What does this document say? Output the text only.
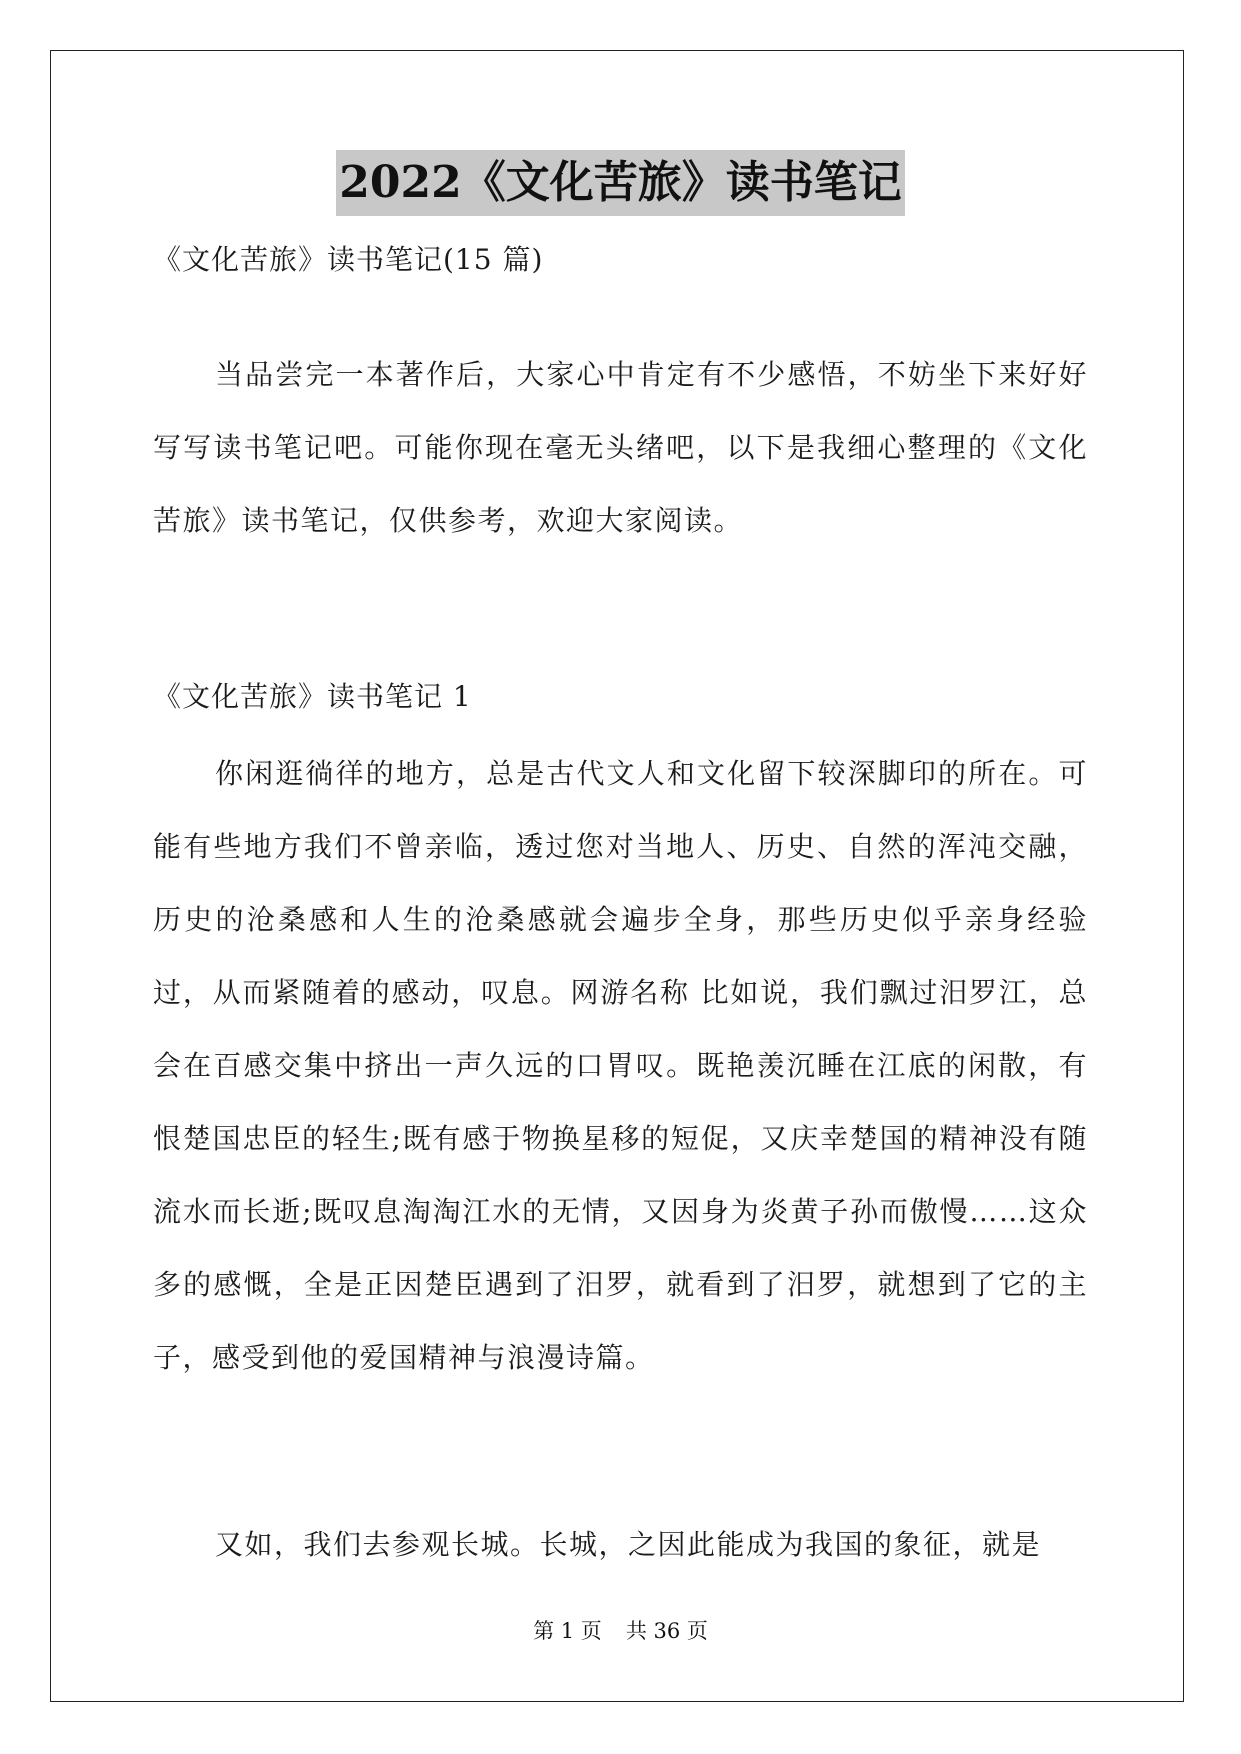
2022《文化苦旅》读书笔记

《文化苦旅》读书笔记(15 篇)

当品尝完一本著作后，大家心中肯定有不少感悟，不妨坐下来好好写写读书笔记吧。可能你现在毫无头绪吧，以下是我细心整理的《文化苦旅》读书笔记，仅供参考，欢迎大家阅读。

《文化苦旅》读书笔记 1

你闲逛徜徉的地方，总是古代文人和文化留下较深脚印的所在。可能有些地方我们不曾亲临，透过您对当地人、历史、自然的浑沌交融，历史的沧桑感和人生的沧桑感就会遍步全身，那些历史似乎亲身经验过，从而紧随着的感动，叹息。网游名称 比如说，我们飘过汨罗江，总会在百感交集中挤出一声久远的口胃叹。既艳羡沉睡在江底的闲散，有恨楚国忠臣的轻生;既有感于物换星移的短促，又庆幸楚国的精神没有随流水而长逝;既叹息淘淘江水的无情，又因身为炎黄子孙而傲慢……这众多的感慨，全是正因楚臣遇到了汨罗，就看到了汨罗，就想到了它的主子，感受到他的爱国精神与浪漫诗篇。

又如，我们去参观长城。长城，之因此能成为我国的象征，就是

第 1 页 共 36 页
